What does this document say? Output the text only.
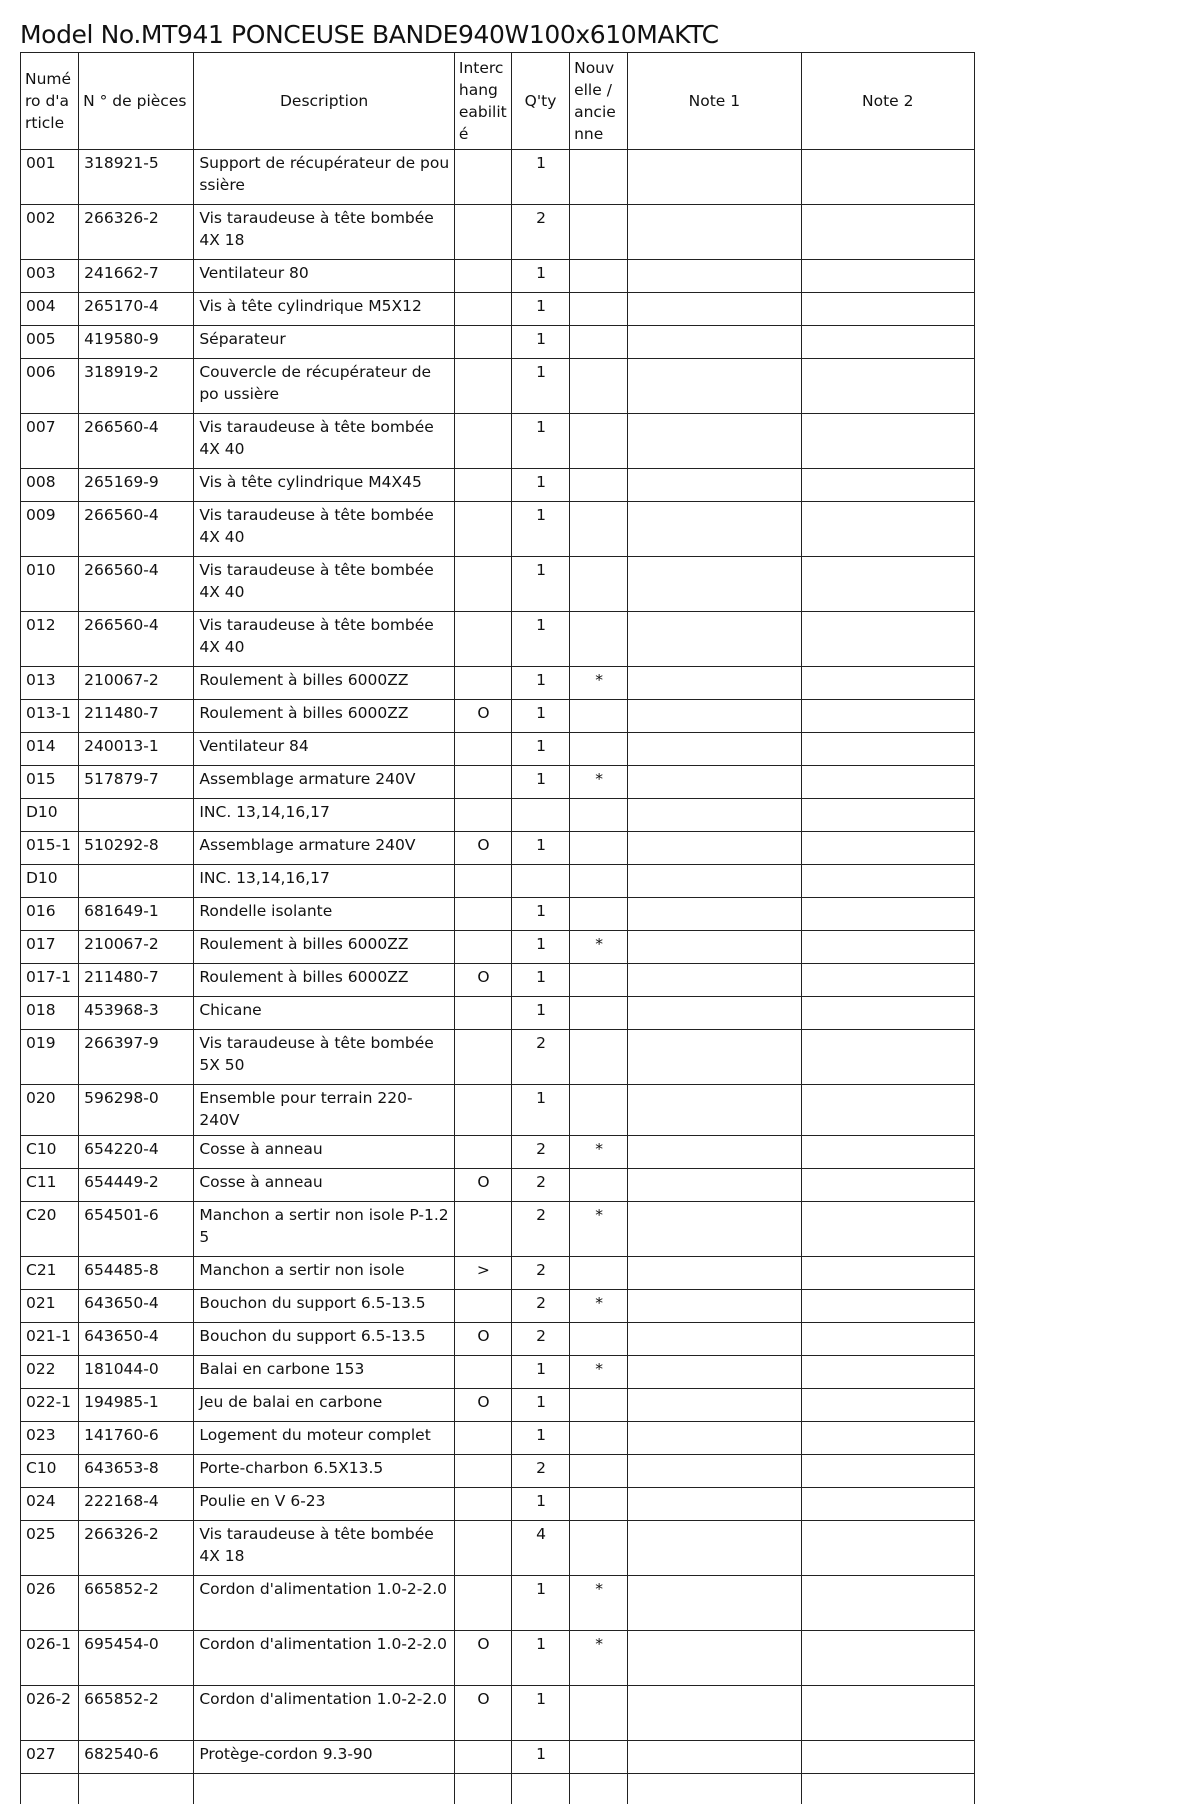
Model No.MT941 PONCEUSE BANDE940W100x610MAKTC
Numé ro d'a rticle	N ° de pièces	Description	Interc hang eabilit é	Q'ty	Nouv elle / ancie nne	Note 1	Note 2
001	318921-5	Support de récupérateur de pou ssière		1			
002	266326-2	Vis taraudeuse à tête bombée 4X 18		2			
003	241662-7	Ventilateur 80		1			
004	265170-4	Vis à tête cylindrique M5X12		1			
005	419580-9	Séparateur		1			
006	318919-2	Couvercle de récupérateur de po ussière		1			
007	266560-4	Vis taraudeuse à tête bombée 4X 40		1			
008	265169-9	Vis à tête cylindrique M4X45		1			
009	266560-4	Vis taraudeuse à tête bombée 4X 40		1			
010	266560-4	Vis taraudeuse à tête bombée 4X 40		1			
012	266560-4	Vis taraudeuse à tête bombée 4X 40		1			
013	210067-2	Roulement à billes 6000ZZ		1	*		
013-1	211480-7	Roulement à billes 6000ZZ	O	1			
014	240013-1	Ventilateur 84		1			
015	517879-7	Assemblage armature 240V		1	*		
D10		INC. 13,14,16,17					
015-1	510292-8	Assemblage armature 240V	O	1			
D10		INC. 13,14,16,17					
016	681649-1	Rondelle isolante		1			
017	210067-2	Roulement à billes 6000ZZ		1	*		
017-1	211480-7	Roulement à billes 6000ZZ	O	1			
018	453968-3	Chicane		1			
019	266397-9	Vis taraudeuse à tête bombée 5X 50		2			
020	596298-0	Ensemble pour terrain 220-240V		1			
C10	654220-4	Cosse à anneau		2	*		
C11	654449-2	Cosse à anneau	O	2			
C20	654501-6	Manchon a sertir non isole P-1.2 5		2	*		
C21	654485-8	Manchon a sertir non isole	>	2			
021	643650-4	Bouchon du support 6.5-13.5		2	*		
021-1	643650-4	Bouchon du support 6.5-13.5	O	2			
022	181044-0	Balai en carbone 153		1	*		
022-1	194985-1	Jeu de balai en carbone	O	1			
023	141760-6	Logement du moteur complet		1			
C10	643653-8	Porte-charbon 6.5X13.5		2			
024	222168-4	Poulie en V 6-23		1			
025	266326-2	Vis taraudeuse à tête bombée 4X 18		4			
026	665852-2	Cordon d'alimentation 1.0-2-2.0		1	*		
026-1	695454-0	Cordon d'alimentation 1.0-2-2.0	O	1	*		
026-2	665852-2	Cordon d'alimentation 1.0-2-2.0	O	1			
027	682540-6	Protège-cordon 9.3-90		1			
